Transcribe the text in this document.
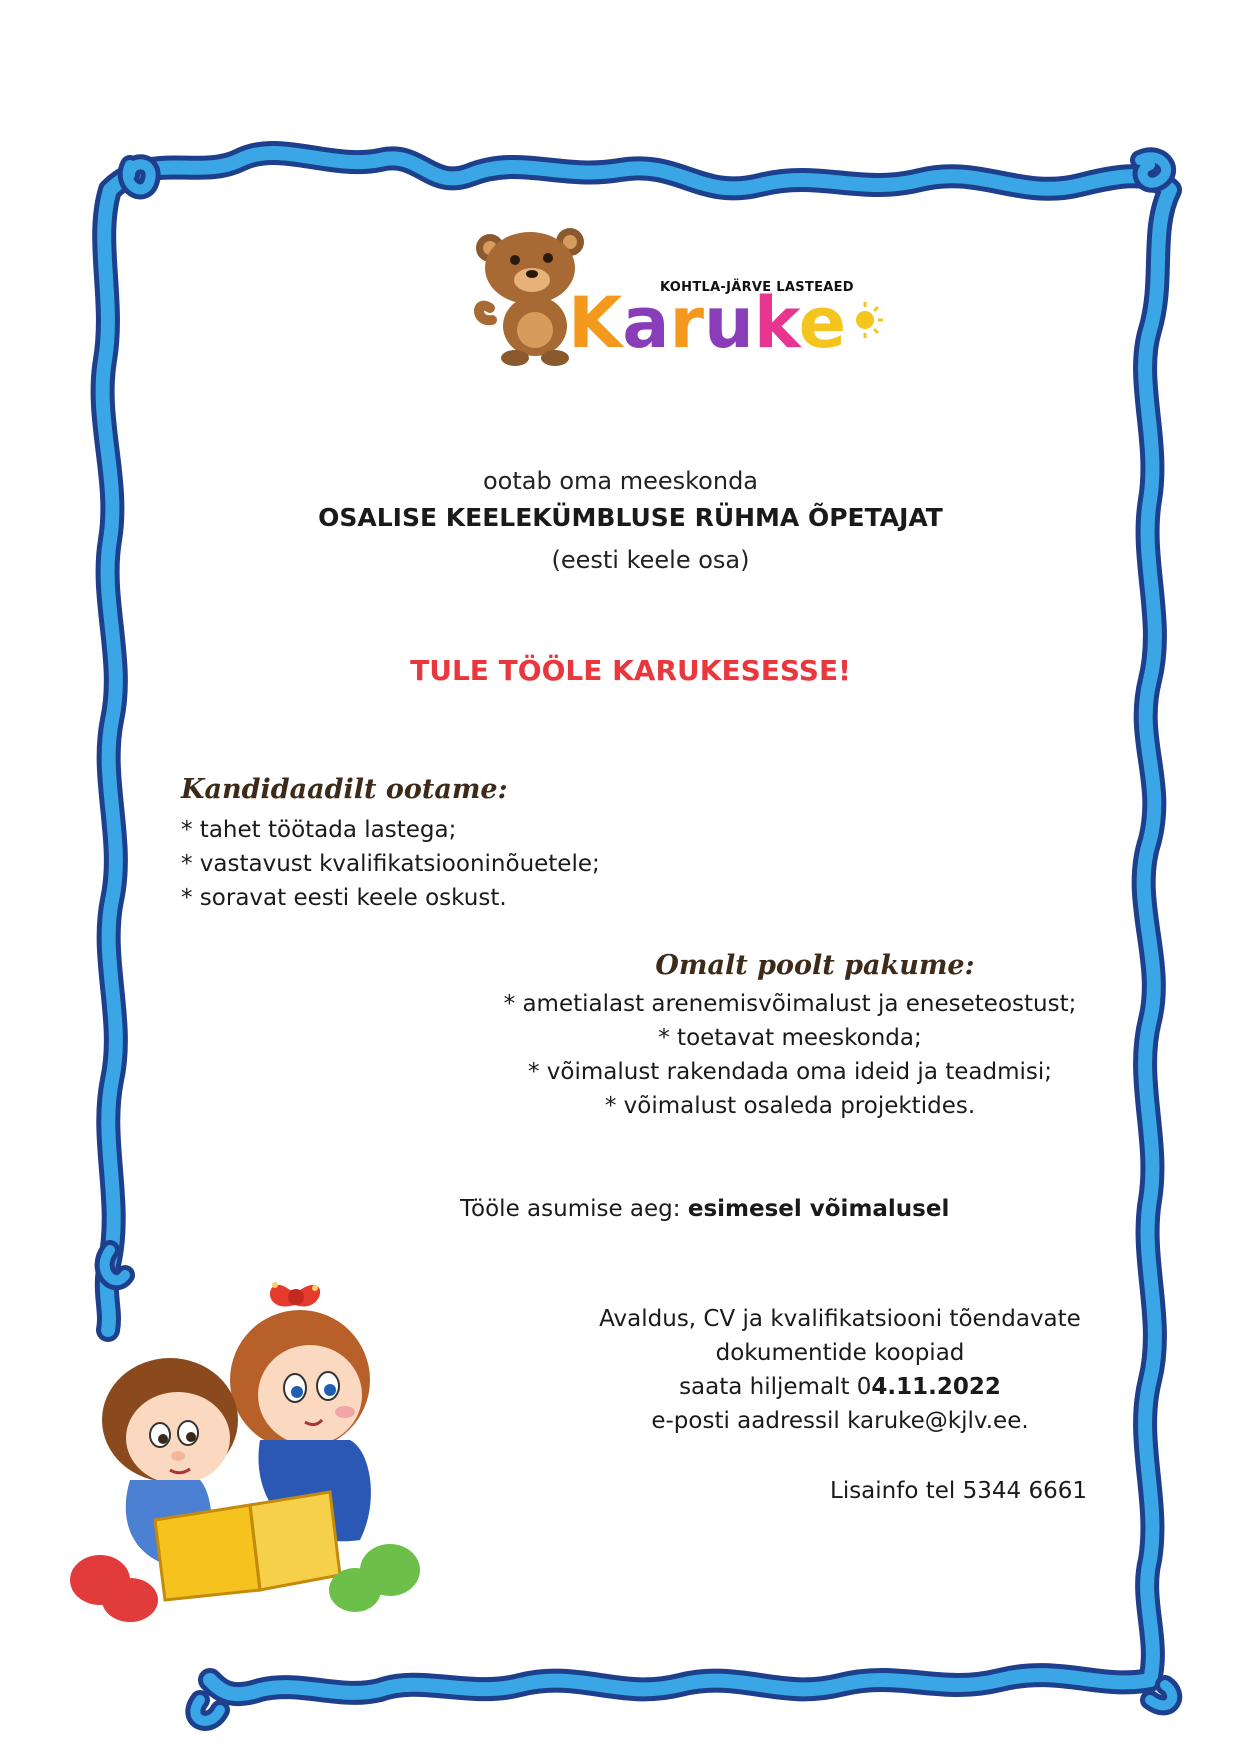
KOHTLA-JÄRVE LASTEAED
Karuke
ootab oma meeskonda
OSALISE KEELEKÜMBLUSE RÜHMA ÕPETAJAT
(eesti keele osa)
TULE TÖÖLE KARUKESESSE!

Kandidaadilt ootame:

* tahet töötada lastega;

* vastavust kvalifikatsiooninõuetele;

* soravat eesti keele oskust.

Omalt poolt pakume:

* ametialast arenemisvõimalust ja eneseteostust;

* toetavat meeskonda;

* võimalust rakendada oma ideid ja teadmisi;

* võimalust osaleda projektides.

Tööle asumise aeg: esimesel võimalusel

Avaldus, CV ja kvalifikatsiooni tõendavate

dokumentide koopiad

saata hiljemalt 04.11.2022

e-posti aadressil karuke@kjlv.ee.

Lisainfo tel 5344 6661
